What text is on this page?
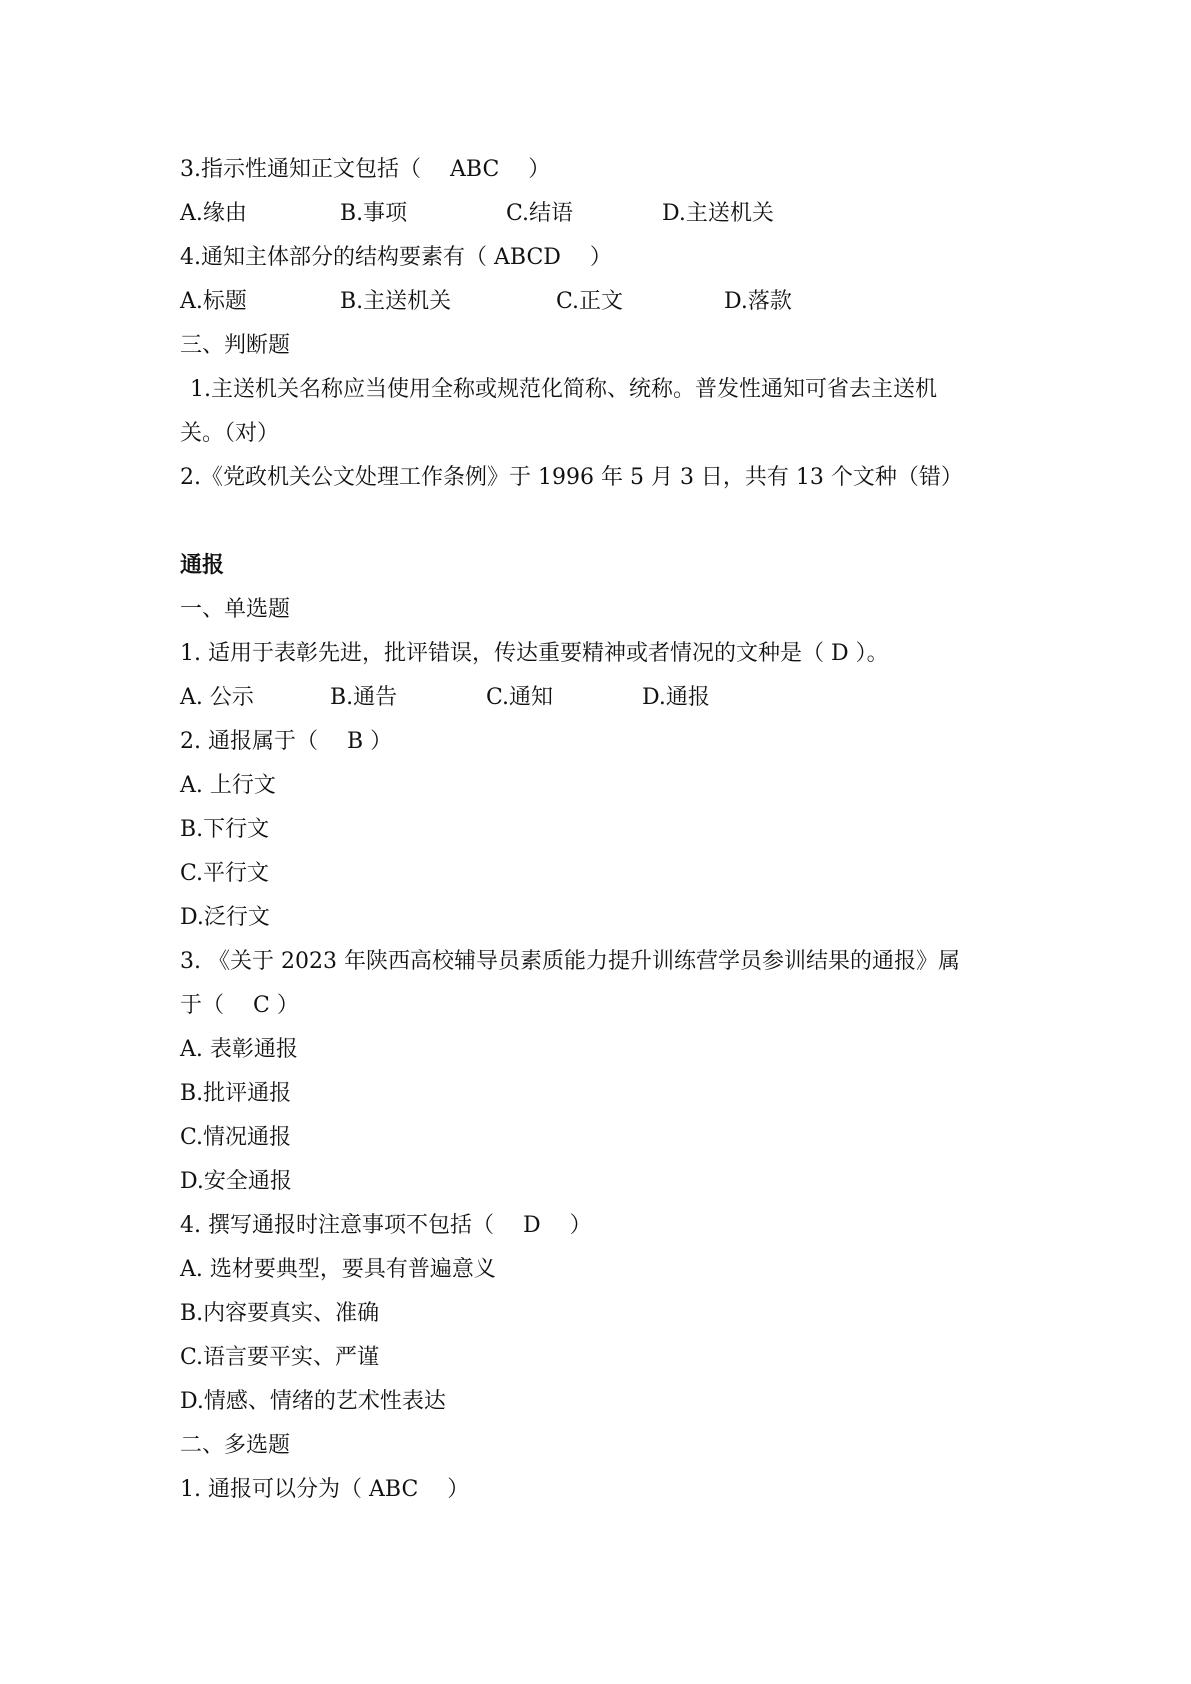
3.指示性通知正文包括（　 ABC　 ）
A.缘由	B.事项	C.结语	D.主送机关
4.通知主体部分的结构要素有（ ABCD　 ）
A.标题	B.主送机关	C.正文	D.落款
三、判断题
1.主送机关名称应当使用全称或规范化简称、统称。普发性通知可省去主送机
关。（对）
2.《党政机关公文处理工作条例》于 1996 年 5 月 3 日，共有 13 个文种（错）
通报
一、单选题
1. 适用于表彰先进，批评错误，传达重要精神或者情况的文种是（ D ）。
A. 公示	B.通告	C.通知	D.通报
2. 通报属于（　 B ）
A. 上行文
B.下行文
C.平行文
D.泛行文
3. 《关于 2023 年陕西高校辅导员素质能力提升训练营学员参训结果的通报》属
于（　 C ）
A. 表彰通报
B.批评通报
C.情况通报
D.安全通报
4. 撰写通报时注意事项不包括（　 D　 ）
A. 选材要典型，要具有普遍意义
B.内容要真实、准确
C.语言要平实、严谨
D.情感、情绪的艺术性表达
二、多选题
1. 通报可以分为（ ABC　 ）
